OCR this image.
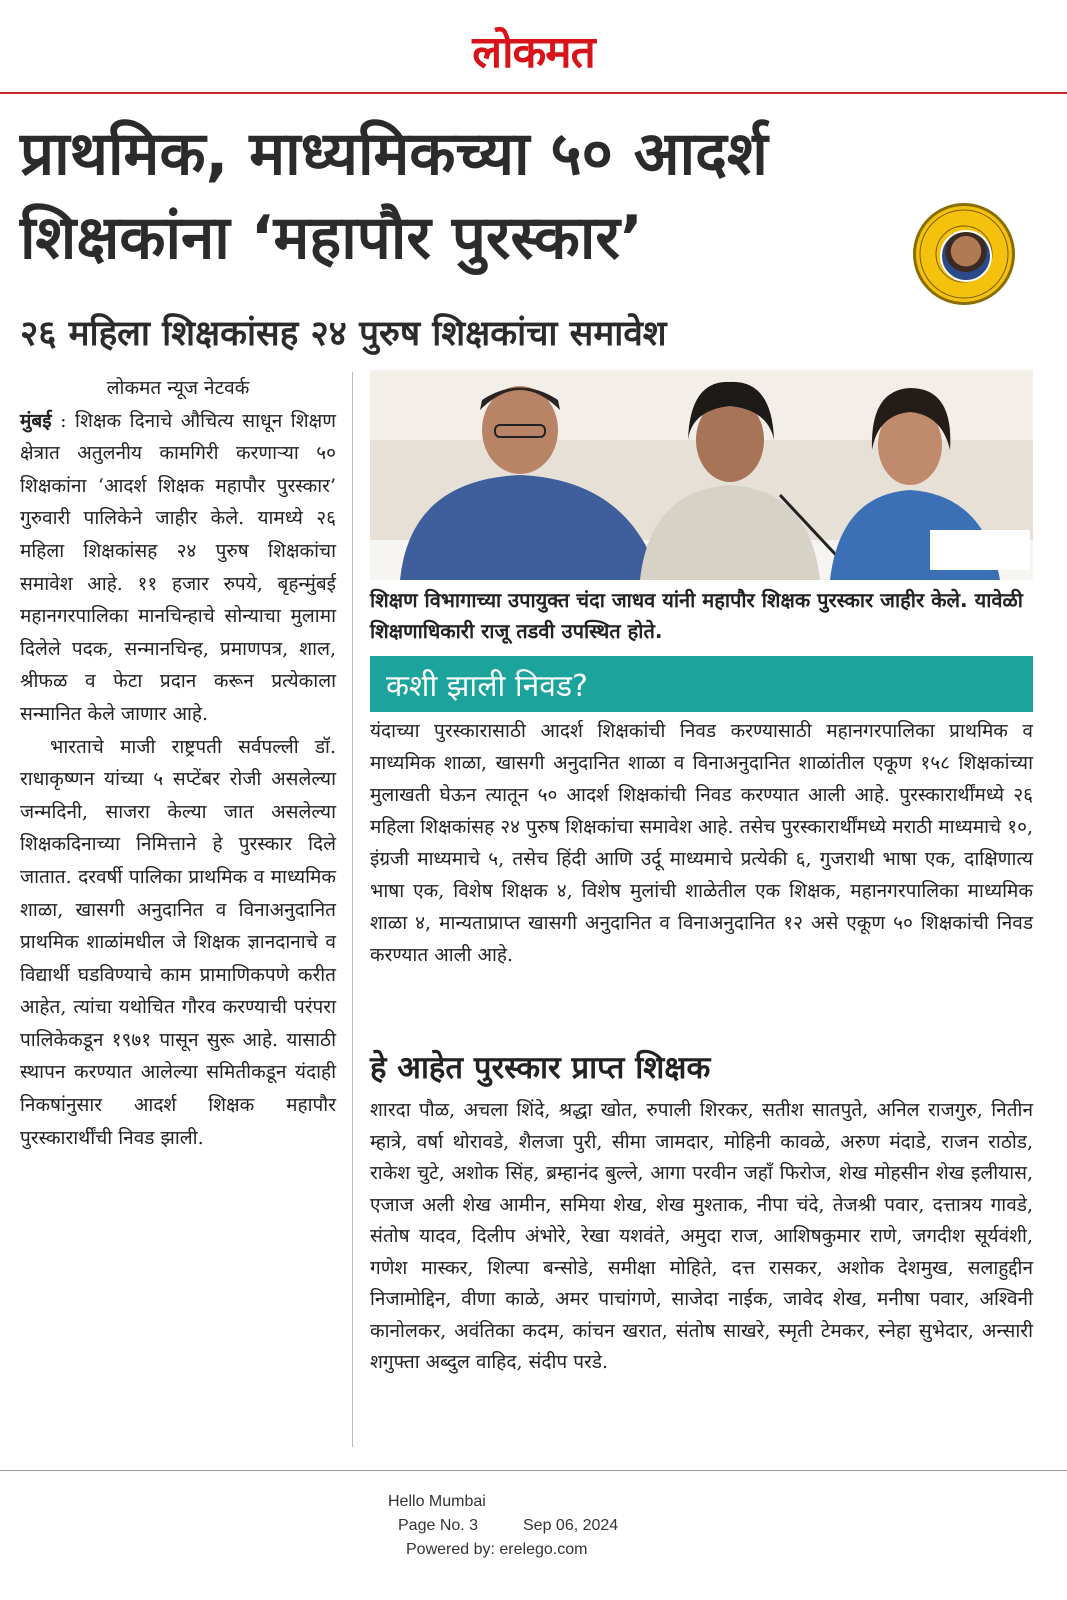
लोकमत
प्राथमिक, माध्यमिकच्या ५० आदर्श शिक्षकांना ‘महापौर पुरस्कार’
२६ महिला शिक्षकांसह २४ पुरुष शिक्षकांचा समावेश

लोकमत न्यूज नेटवर्क

मुंबई : शिक्षक दिनाचे औचित्य साधून शिक्षण क्षेत्रात अतुलनीय कामगिरी करणाऱ्या ५० शिक्षकांना ‘आदर्श शिक्षक महापौर पुरस्कार’ गुरुवारी पालिकेने जाहीर केले. यामध्ये २६ महिला शिक्षकांसह २४ पुरुष शिक्षकांचा समावेश आहे. ११ हजार रुपये, बृहन्मुंबई महानगरपालिका मानचिन्हाचे सोन्याचा मुलामा दिलेले पदक, सन्मानचिन्ह, प्रमाणपत्र, शाल, श्रीफळ व फेटा प्रदान करून प्रत्येकाला सन्मानित केले जाणार आहे.

भारताचे माजी राष्ट्रपती सर्वपल्ली डॉ. राधाकृष्णन यांच्या ५ सप्टेंबर रोजी असलेल्या जन्मदिनी, साजरा केल्या जात असलेल्या शिक्षकदिनाच्या निमित्ताने हे पुरस्कार दिले जातात. दरवर्षी पालिका प्राथमिक व माध्यमिक शाळा, खासगी अनुदानित व विनाअनुदानित प्राथमिक शाळांमधील जे शिक्षक ज्ञानदानाचे व विद्यार्थी घडविण्याचे काम प्रामाणिकपणे करीत आहेत, त्यांचा यथोचित गौरव करण्याची परंपरा पालिकेकडून १९७१ पासून सुरू आहे. यासाठी स्थापन करण्यात आलेल्या समितीकडून यंदाही निकषांनुसार आदर्श शिक्षक महापौर पुरस्कारार्थींची निवड झाली.

शिक्षण विभागाच्या उपायुक्त चंदा जाधव यांनी महापौर शिक्षक पुरस्कार जाहीर केले. यावेळी शिक्षणाधिकारी राजू तडवी उपस्थित होते.

कशी झाली निवड?

यंदाच्या पुरस्कारासाठी आदर्श शिक्षकांची निवड करण्यासाठी महानगरपालिका प्राथमिक व माध्यमिक शाळा, खासगी अनुदानित शाळा व विनाअनुदानित शाळांतील एकूण १५८ शिक्षकांच्या मुलाखती घेऊन त्यातून ५० आदर्श शिक्षकांची निवड करण्यात आली आहे. पुरस्कारार्थींमध्ये २६ महिला शिक्षकांसह २४ पुरुष शिक्षकांचा समावेश आहे. तसेच पुरस्कारार्थींमध्ये मराठी माध्यमाचे १०, इंग्रजी माध्यमाचे ५, तसेच हिंदी आणि उर्दू माध्यमाचे प्रत्येकी ६, गुजराथी भाषा एक, दाक्षिणात्य भाषा एक, विशेष शिक्षक ४, विशेष मुलांची शाळेतील एक शिक्षक, महानगरपालिका माध्यमिक शाळा ४, मान्यताप्राप्त खासगी अनुदानित व विनाअनुदानित १२ असे एकूण ५० शिक्षकांची निवड करण्यात आली आहे.

हे आहेत पुरस्कार प्राप्त शिक्षक

शारदा पौळ, अचला शिंदे, श्रद्धा खोत, रुपाली शिरकर, सतीश सातपुते, अनिल राजगुरु, नितीन म्हात्रे, वर्षा थोरावडे, शैलजा पुरी, सीमा जामदार, मोहिनी कावळे, अरुण मंदाडे, राजन राठोड, राकेश चुटे, अशोक सिंह, ब्रम्हानंद बुल्ले, आगा परवीन जहाँ फिरोज, शेख मोहसीन शेख इलीयास, एजाज अली शेख आमीन, समिया शेख, शेख मुश्ताक, नीपा चंदे, तेजश्री पवार, दत्तात्रय गावडे, संतोष यादव, दिलीप अंभोरे, रेखा यशवंते, अमुदा राज, आशिषकुमार राणे, जगदीश सूर्यवंशी, गणेश मास्कर, शिल्पा बन्सोडे, समीक्षा मोहिते, दत्त रासकर, अशोक देशमुख, सलाहुद्दीन निजामोद्दिन, वीणा काळे, अमर पाचांगणे, साजेदा नाईक, जावेद शेख, मनीषा पवार, अश्विनी कानोलकर, अवंतिका कदम, कांचन खरात, संतोष साखरे, स्मृती टेमकर, स्नेहा सुभेदार, अन्सारी शगुफ्ता अब्दुल वाहिद, संदीप परडे.

Hello Mumbai
Page No. 3	Sep 06, 2024
Powered by: erelego.com
